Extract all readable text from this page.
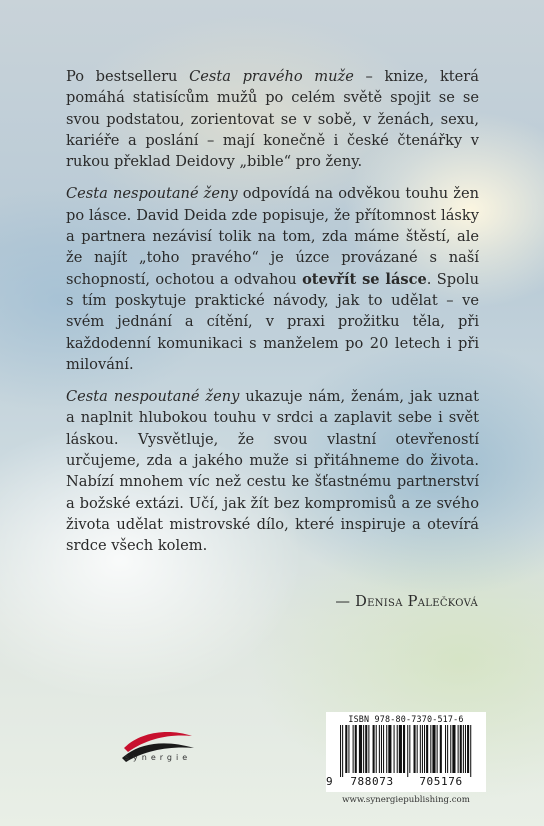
Po bestselleru Cesta pravého muže – knize, která pomáhá statisícům mužů po celém světě spojit se se svou podstatou, zorientovat se v sobě, v ženách, sexu, kariéře a poslání – mají konečně i české čtenářky v rukou překlad Deidovy „bible“ pro ženy.

Cesta nespoutané ženy odpovídá na odvěkou touhu žen po lásce. David Deida zde popisuje, že přítomnost lásky a partnera nezávisí tolik na tom, zda máme štěstí, ale že najít „toho pravého“ je úzce provázané s naší schopností, ochotou a odvahou otevřít se lásce. Spolu s tím poskytuje praktické návody, jak to udělat – ve svém jednání a cítění, v praxi prožitku těla, při každodenní komunikaci s manželem po 20 letech i při milování.

Cesta nespoutané ženy ukazuje nám, ženám, jak uznat a naplnit hlubokou touhu v srdci a zaplavit sebe i svět láskou. Vysvětluje, že svou vlastní otevřeností určujeme, zda a jakého muže si přitáhneme do života. Nabízí mnohem víc než cestu ke šťastnému partnerství a božské extázi. Učí, jak žít bez kompromisů a ze svého života udělat mistrovské dílo, které inspiruje a otevírá srdce všech kolem.

— Denisa Palečková
synergie
ISBN 978-80-7370-517-6
9	788073	705176
www.synergiepublishing.com
